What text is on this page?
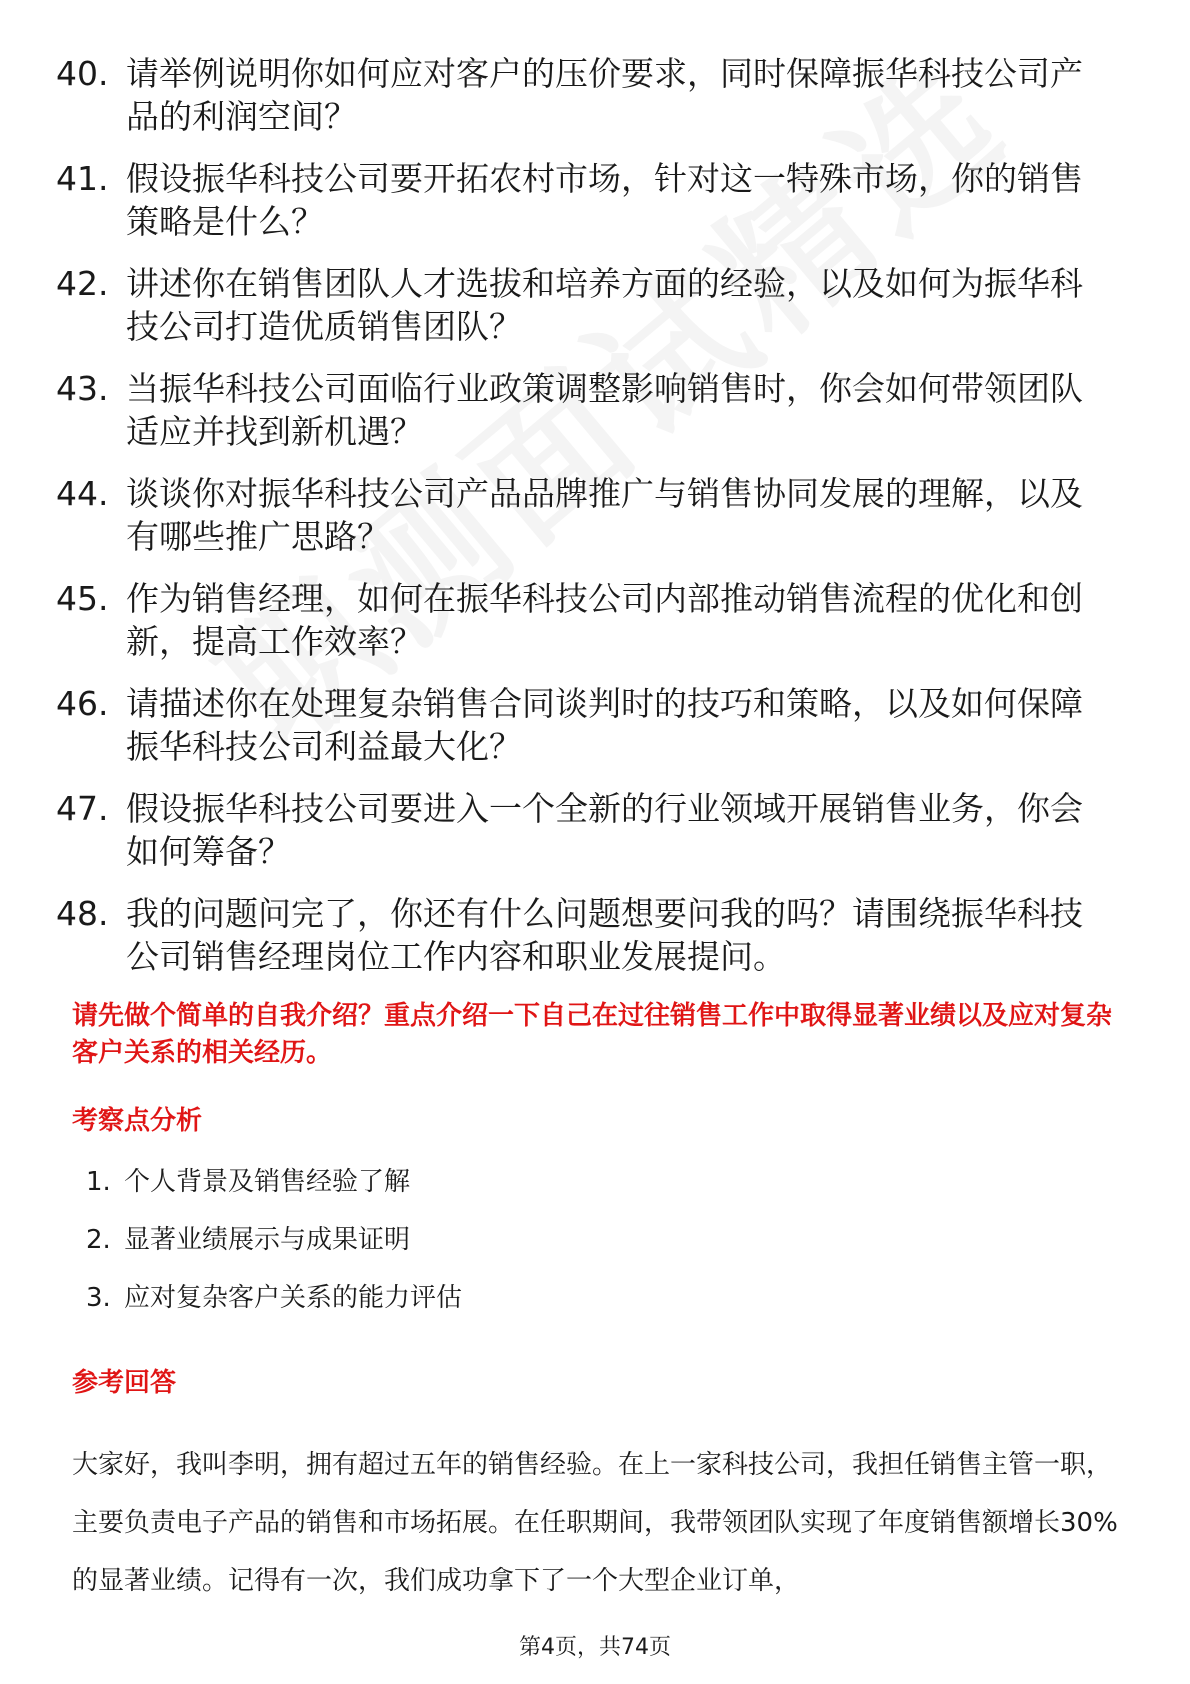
40. 请举例说明你如何应对客户的压价要求，同时保障振华科技公司产品的利润空间？
41. 假设振华科技公司要开拓农村市场，针对这一特殊市场，你的销售策略是什么？
42. 讲述你在销售团队人才选拔和培养方面的经验，以及如何为振华科技公司打造优质销售团队？
43. 当振华科技公司面临行业政策调整影响销售时，你会如何带领团队适应并找到新机遇？
44. 谈谈你对振华科技公司产品品牌推广与销售协同发展的理解，以及有哪些推广思路？
45. 作为销售经理，如何在振华科技公司内部推动销售流程的优化和创新，提高工作效率？
46. 请描述你在处理复杂销售合同谈判时的技巧和策略，以及如何保障振华科技公司利益最大化？
47. 假设振华科技公司要进入一个全新的行业领域开展销售业务，你会如何筹备？
48. 我的问题问完了，你还有什么问题想要问我的吗？请围绕振华科技公司销售经理岗位工作内容和职业发展提问。
请先做个简单的自我介绍？重点介绍一下自己在过往销售工作中取得显著业绩以及应对复杂客户关系的相关经历。
考察点分析
1. 个人背景及销售经验了解
2. 显著业绩展示与成果证明
3. 应对复杂客户关系的能力评估
参考回答
大家好，我叫李明，拥有超过五年的销售经验。在上一家科技公司，我担任销售主管一职，主要负责电子产品的销售和市场拓展。在任职期间，我带领团队实现了年度销售额增长30%的显著业绩。记得有一次，我们成功拿下了一个大型企业订单，
第4页，共74页
